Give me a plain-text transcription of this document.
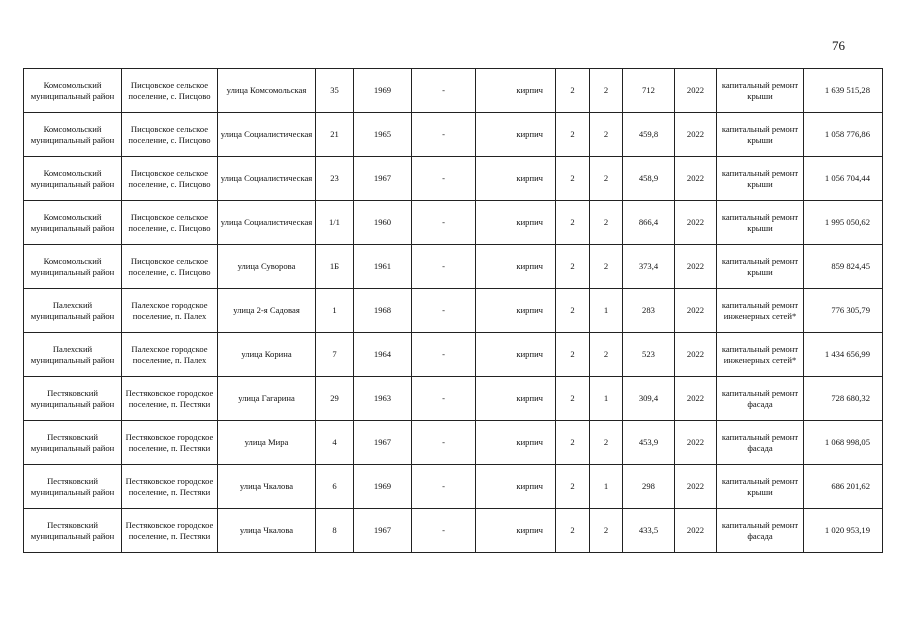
76
Комсомольский муниципальный район	Писцовское сельское поселение, с. Писцово	улица Комсомольская	35	1969	-	кирпич	2	2	712	2022	капитальный ремонт крыши	1 639 515,28
Комсомольский муниципальный район	Писцовское сельское поселение, с. Писцово	улица Социалистическая	21	1965	-	кирпич	2	2	459,8	2022	капитальный ремонт крыши	1 058 776,86
Комсомольский муниципальный район	Писцовское сельское поселение, с. Писцово	улица Социалистическая	23	1967	-	кирпич	2	2	458,9	2022	капитальный ремонт крыши	1 056 704,44
Комсомольский муниципальный район	Писцовское сельское поселение, с. Писцово	улица Социалистическая	1/1	1960	-	кирпич	2	2	866,4	2022	капитальный ремонт крыши	1 995 050,62
Комсомольский муниципальный район	Писцовское сельское поселение, с. Писцово	улица Суворова	1Б	1961	-	кирпич	2	2	373,4	2022	капитальный ремонт крыши	859 824,45
Палехский муниципальный район	Палехское городское поселение, п. Палех	улица 2-я Садовая	1	1968	-	кирпич	2	1	283	2022	капитальный ремонт инженерных сетей*	776 305,79
Палехский муниципальный район	Палехское городское поселение, п. Палех	улица Корина	7	1964	-	кирпич	2	2	523	2022	капитальный ремонт инженерных сетей*	1 434 656,99
Пестяковский муниципальный район	Пестяковское городское поселение, п. Пестяки	улица Гагарина	29	1963	-	кирпич	2	1	309,4	2022	капитальный ремонт фасада	728 680,32
Пестяковский муниципальный район	Пестяковское городское поселение, п. Пестяки	улица Мира	4	1967	-	кирпич	2	2	453,9	2022	капитальный ремонт фасада	1 068 998,05
Пестяковский муниципальный район	Пестяковское городское поселение, п. Пестяки	улица Чкалова	6	1969	-	кирпич	2	1	298	2022	капитальный ремонт крыши	686 201,62
Пестяковский муниципальный район	Пестяковское городское поселение, п. Пестяки	улица Чкалова	8	1967	-	кирпич	2	2	433,5	2022	капитальный ремонт фасада	1 020 953,19
